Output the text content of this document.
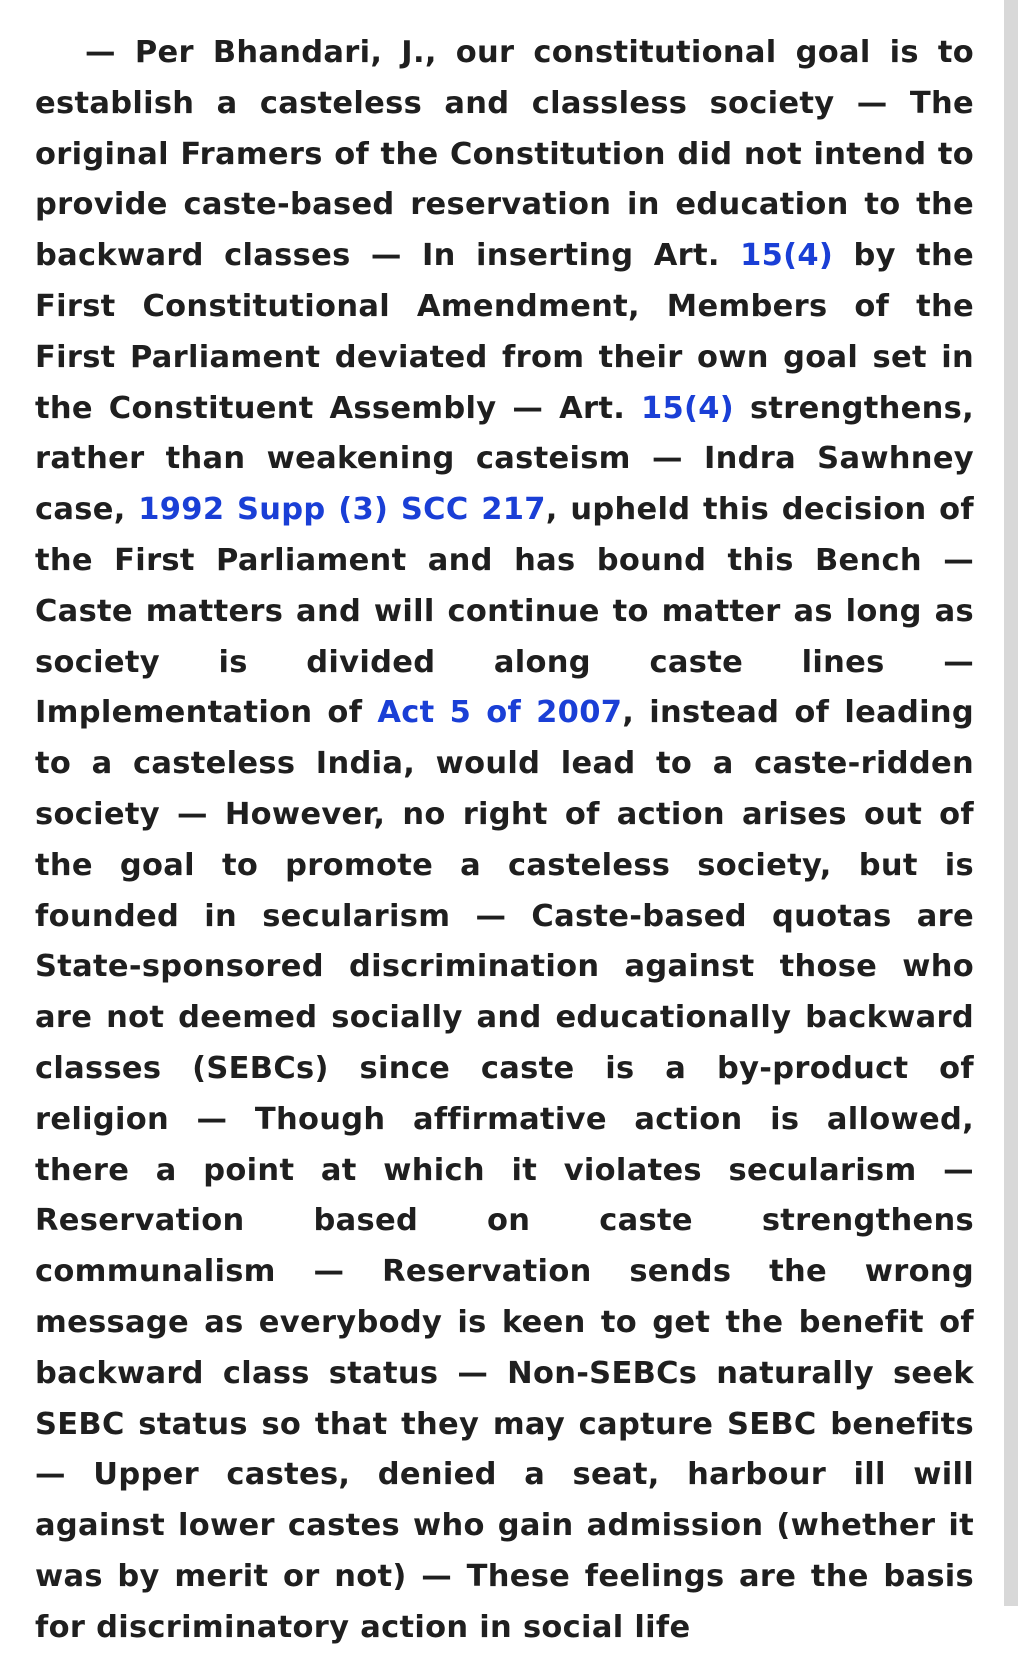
— Per Bhandari, J., our constitutional goal is to establish a casteless and classless society — The original Framers of the Constitution did not intend to provide caste-based reservation in education to the backward classes — In inserting Art. 15(4) by the First Constitutional Amendment, Members of the First Parliament deviated from their own goal set in the Constituent Assembly — Art. 15(4) strengthens, rather than weakening casteism — Indra Sawhney case, 1992 Supp (3) SCC 217, upheld this decision of the First Parliament and has bound this Bench — Caste matters and will continue to matter as long as society is divided along caste lines — Implementation of Act 5 of 2007, instead of leading to a casteless India, would lead to a caste-ridden society — However, no right of action arises out of the goal to promote a casteless society, but is founded in secularism — Caste-based quotas are State-sponsored discrimination against those who are not deemed socially and educationally backward classes (SEBCs) since caste is a by-product of religion — Though affirmative action is allowed, there a point at which it violates secularism — Reservation based on caste strengthens communalism — Reservation sends the wrong message as everybody is keen to get the benefit of backward class status — Non-SEBCs naturally seek SEBC status so that they may capture SEBC benefits — Upper castes, denied a seat, harbour ill will against lower castes who gain admission (whether it was by merit or not) — These feelings are the basis for discriminatory action in social life
